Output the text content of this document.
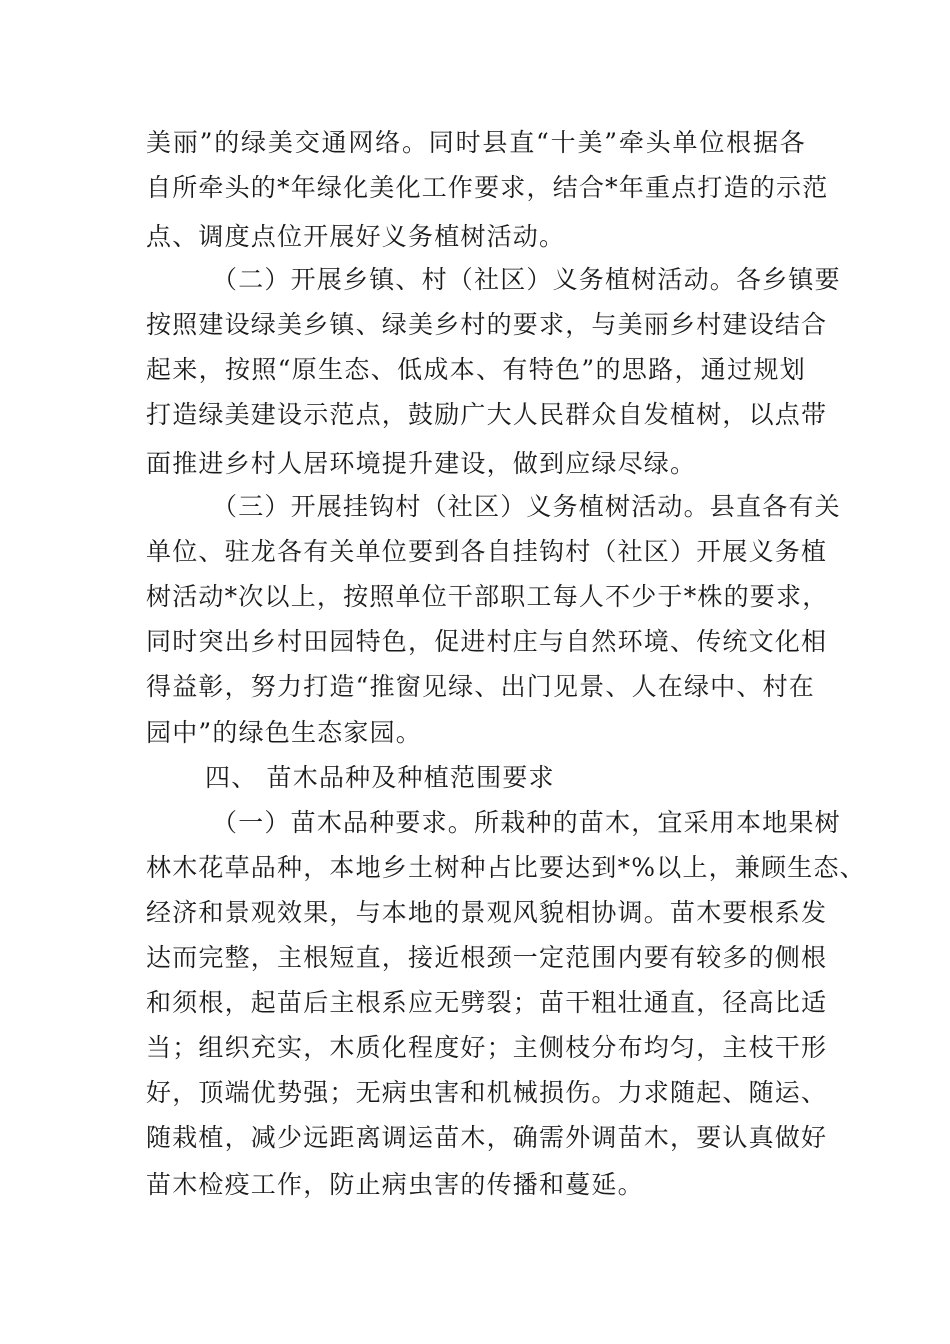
美丽”的绿美交通网络。同时县直“十美”牵头单位根据各
自所牵头的*年绿化美化工作要求，结合*年重点打造的示范
点、调度点位开展好义务植树活动。
（二）开展乡镇、村（社区）义务植树活动。各乡镇要
按照建设绿美乡镇、绿美乡村的要求，与美丽乡村建设结合
起来，按照“原生态、低成本、有特色”的思路，通过规划
打造绿美建设示范点，鼓励广大人民群众自发植树，以点带
面推进乡村人居环境提升建设，做到应绿尽绿。
（三）开展挂钩村（社区）义务植树活动。县直各有关
单位、驻龙各有关单位要到各自挂钩村（社区）开展义务植
树活动*次以上，按照单位干部职工每人不少于*株的要求，
同时突出乡村田园特色，促进村庄与自然环境、传统文化相
得益彰，努力打造“推窗见绿、出门见景、人在绿中、村在
园中”的绿色生态家园。
四、 苗木品种及种植范围要求
（一）苗木品种要求。所栽种的苗木，宜采用本地果树
林木花草品种，本地乡土树种占比要达到*%以上，兼顾生态、
经济和景观效果，与本地的景观风貌相协调。苗木要根系发
达而完整，主根短直，接近根颈一定范围内要有较多的侧根
和须根，起苗后主根系应无劈裂；苗干粗壮通直，径高比适
当；组织充实，木质化程度好；主侧枝分布均匀，主枝干形
好，顶端优势强；无病虫害和机械损伤。力求随起、随运、
随栽植，减少远距离调运苗木，确需外调苗木，要认真做好
苗木检疫工作，防止病虫害的传播和蔓延。
